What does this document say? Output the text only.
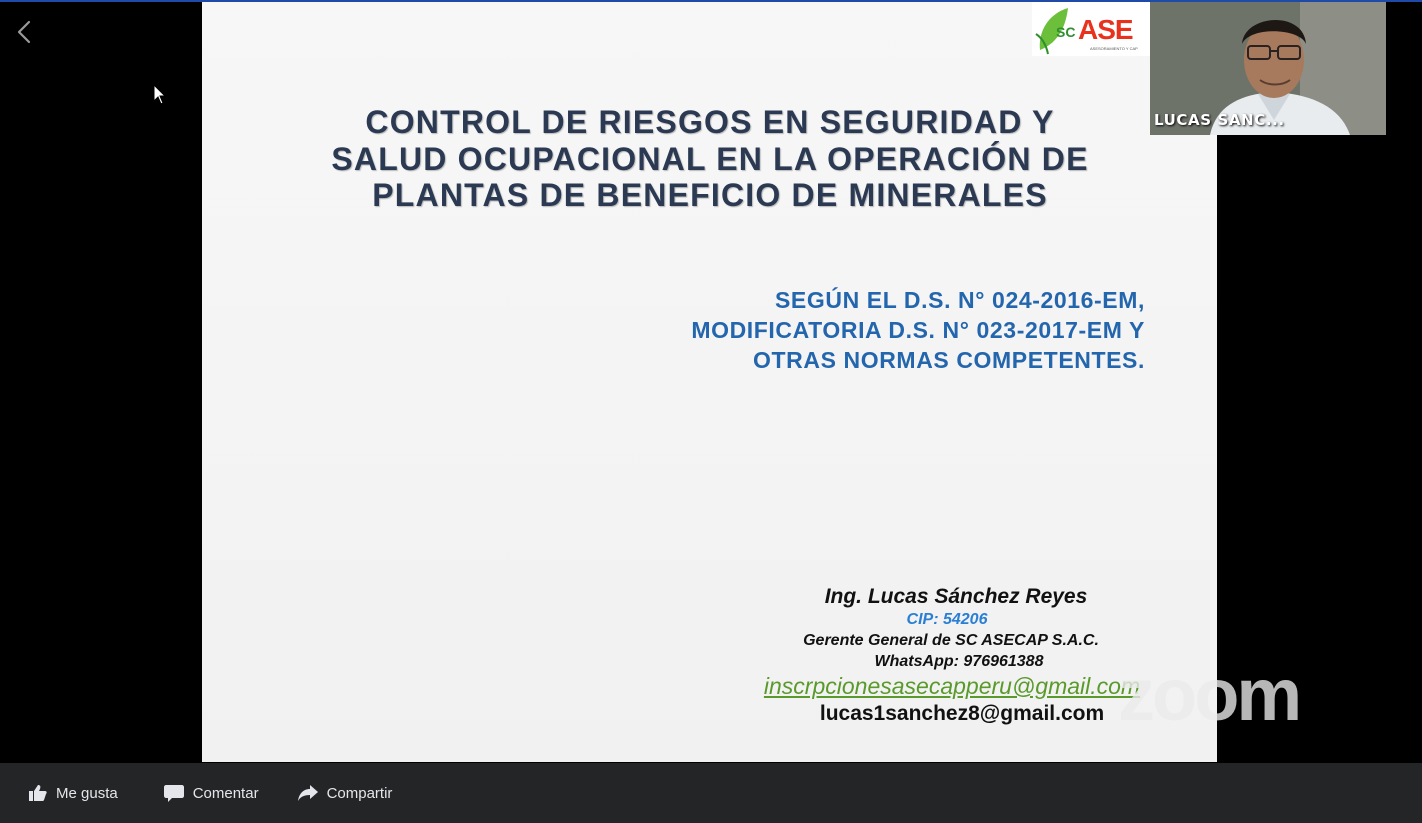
SC ASE
ASESORAMIENTO Y CAP
CONTROL DE RIESGOS EN SEGURIDAD Y
SALUD OCUPACIONAL EN LA OPERACIÓN DE
PLANTAS DE BENEFICIO DE MINERALES
SEGÚN EL D.S. N° 024-2016-EM,
MODIFICATORIA D.S. N° 023-2017-EM Y
OTRAS NORMAS COMPETENTES.
Ing. Lucas Sánchez Reyes
CIP: 54206
Gerente General de SC ASECAP S.A.C.
WhatsApp: 976961388
inscrpcionesasecapperu@gmail.com
lucas1sanchez8@gmail.com zoom
LUCAS SANC...
Me gusta	Comentar	Compartir
